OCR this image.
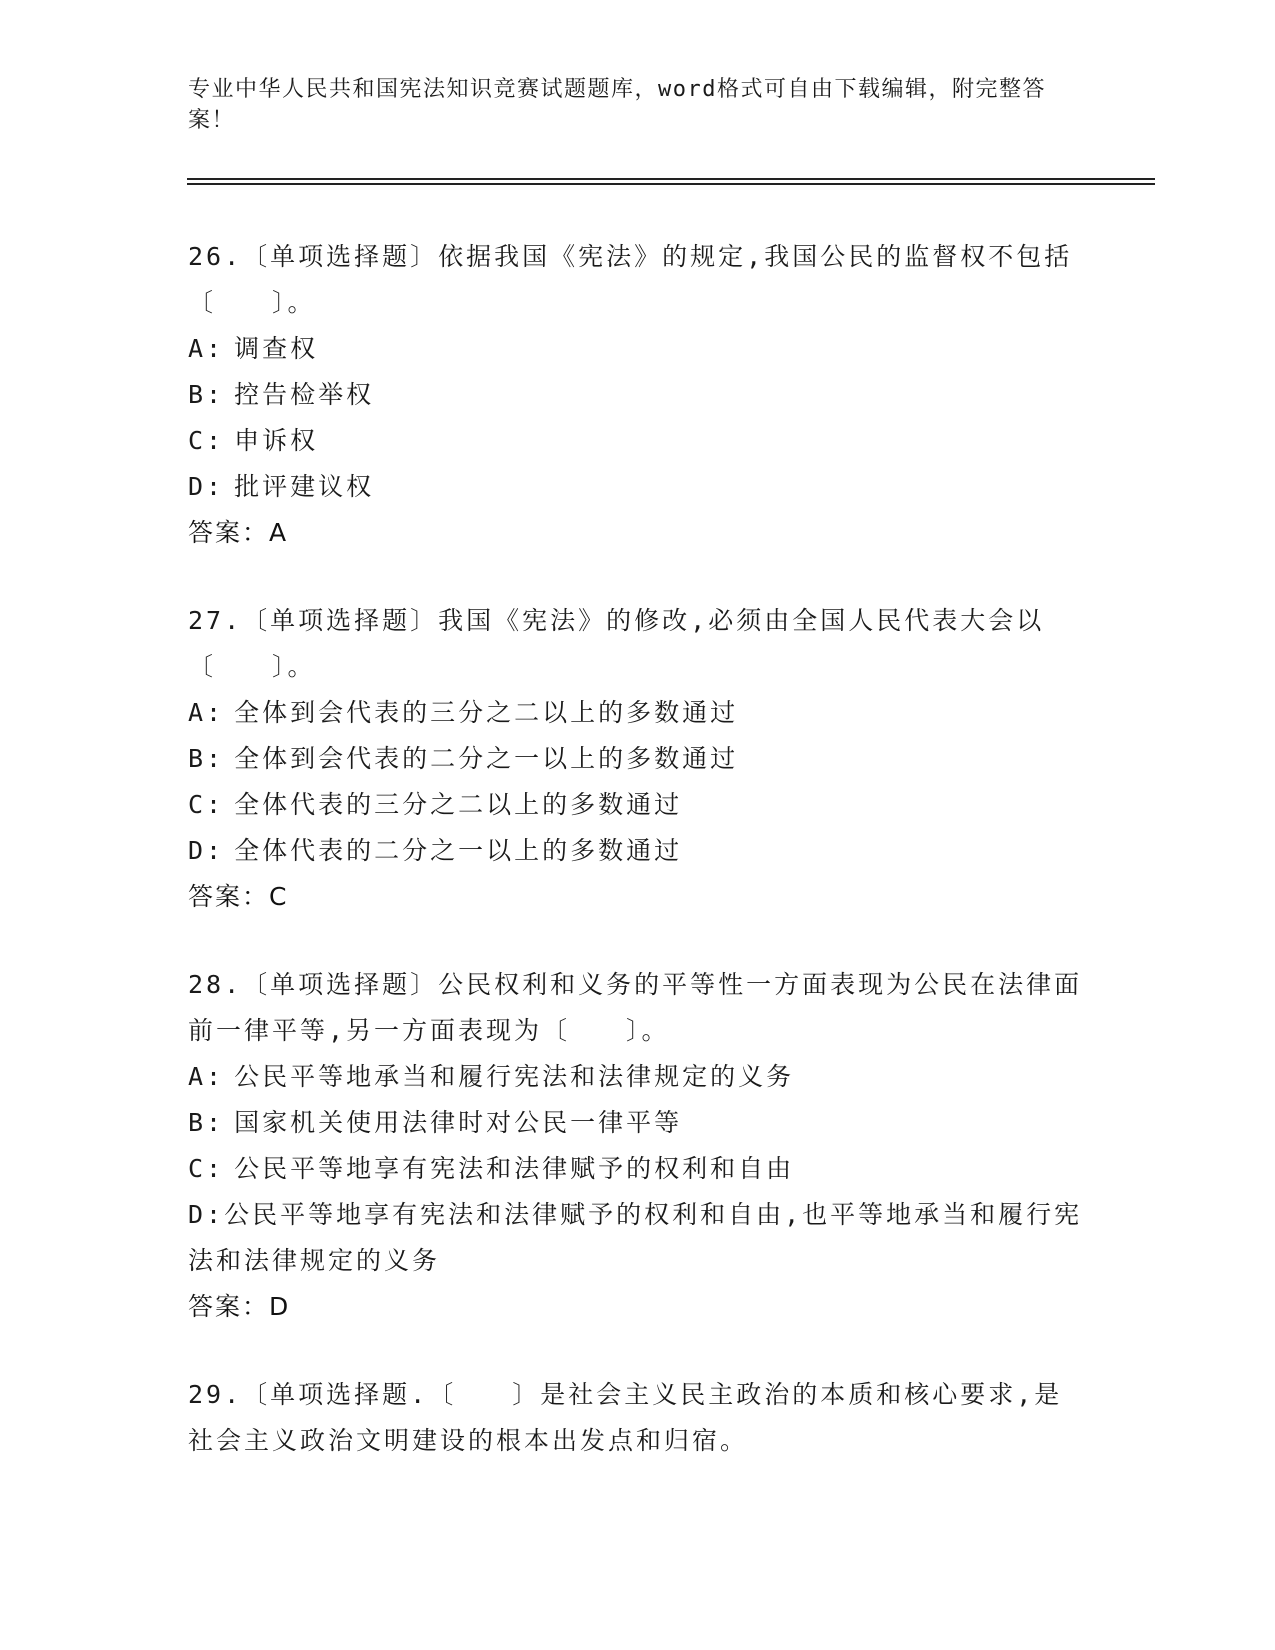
专业中华人民共和国宪法知识竞赛试题题库，word格式可自由下载编辑，附完整答案！

26.〔单项选择题〕依据我国《宪法》的规定,我国公民的监督权不包括〔　　〕。

A: 调查权

B: 控告检举权

C: 申诉权

D: 批评建议权

答案：A

27.〔单项选择题〕我国《宪法》的修改,必须由全国人民代表大会以〔　　〕。

A: 全体到会代表的三分之二以上的多数通过

B: 全体到会代表的二分之一以上的多数通过

C: 全体代表的三分之二以上的多数通过

D: 全体代表的二分之一以上的多数通过

答案：C

28.〔单项选择题〕公民权利和义务的平等性一方面表现为公民在法律面前一律平等,另一方面表现为〔　　〕。

A: 公民平等地承当和履行宪法和法律规定的义务

B: 国家机关使用法律时对公民一律平等

C: 公民平等地享有宪法和法律赋予的权利和自由

D:公民平等地享有宪法和法律赋予的权利和自由,也平等地承当和履行宪法和法律规定的义务

答案：D

29.〔单项选择题.〔　　〕是社会主义民主政治的本质和核心要求,是社会主义政治文明建设的根本出发点和归宿。
